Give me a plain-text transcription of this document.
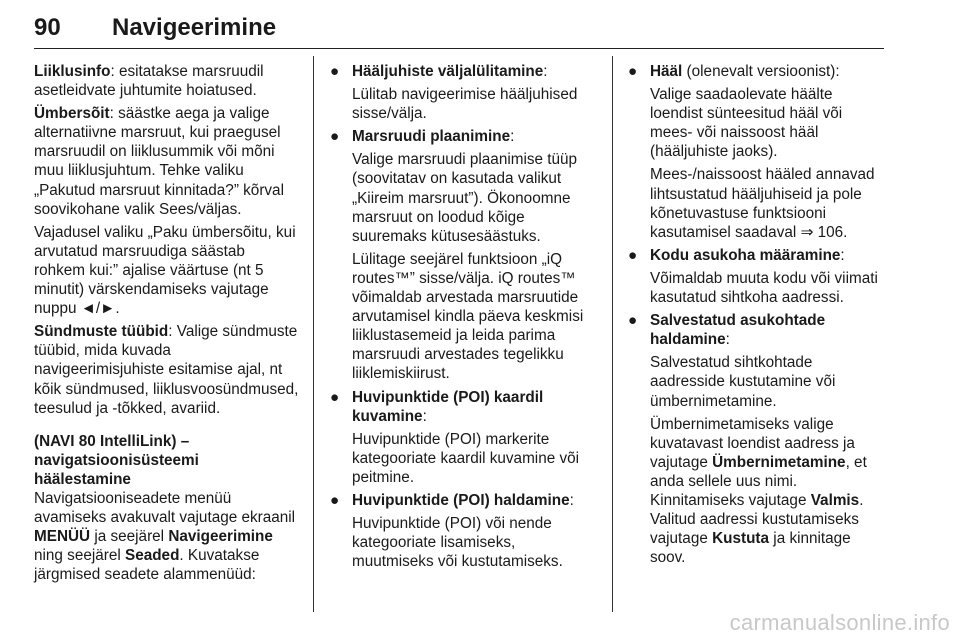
90 Navigeerimine

Liiklusinfo: esitatakse marsruudil asetleidvate juhtumite hoiatused.

Ümbersõit: säästke aega ja valige alternatiivne marsruut, kui praegusel marsruudil on liiklusummik või mõni muu liiklusjuhtum. Tehke valiku „Pakutud marsruut kinnitada?” kõrval soovikohane valik Sees/väljas.

Vajadusel valiku „Paku ümbersõitu, kui arvutatud marsruudiga säästab rohkem kui:” ajalise väärtuse (nt 5 minutit) värskendamiseks vajutage nuppu ◄/►.

Sündmuste tüübid: Valige sündmuste tüübid, mida kuvada navigeerimisjuhiste esitamise ajal, nt kõik sündmused, liiklusvoosündmused, teesulud ja -tõkked, avariid.

(NAVI 80 IntelliLink) – navigatsioonisüsteemi häälestamine

Navigatsiooniseadete menüü avamiseks avakuvalt vajutage ekraanil MENÜÜ ja seejärel Navigeerimine ning seejärel Seaded. Kuvatakse järgmised seadete alammenüüd:

● Hääljuhiste väljalülitamine:

Lülitab navigeerimise hääljuhised sisse/välja.

● Marsruudi plaanimine:

Valige marsruudi plaanimise tüüp (soovitatav on kasutada valikut „Kiireim marsruut”). Ökonoomne marsruut on loodud kõige suuremaks kütusesäästuks.

Lülitage seejärel funktsioon „iQ routes™” sisse/välja. iQ routes™ võimaldab arvestada marsruutide arvutamisel kindla päeva keskmisi liiklustasemeid ja leida parima marsruudi arvestades tegelikku liiklemiskiirust.

● Huvipunktide (POI) kaardil kuvamine:

Huvipunktide (POI) markerite kategooriate kaardil kuvamine või peitmine.

● Huvipunktide (POI) haldamine:

Huvipunktide (POI) või nende kategooriate lisamiseks, muutmiseks või kustutamiseks.

● Hääl (olenevalt versioonist):

Valige saadaolevate häälte loendist sünteesitud hääl või mees- või naissoost hääl (hääljuhiste jaoks).

Mees-/naissoost hääled annavad lihtsustatud hääljuhiseid ja pole kõnetuvastuse funktsiooni kasutamisel saadaval ⇒ 106.

● Kodu asukoha määramine:

Võimaldab muuta kodu või viimati kasutatud sihtkoha aadressi.

● Salvestatud asukohtade haldamine:

Salvestatud sihtkohtade aadresside kustutamine või ümbernimetamine.

Ümbernimetamiseks valige kuvatavast loendist aadress ja vajutage Ümbernimetamine, et anda sellele uus nimi. Kinnitamiseks vajutage Valmis. Valitud aadressi kustutamiseks vajutage Kustuta ja kinnitage soov.

carmanualsonline.info
